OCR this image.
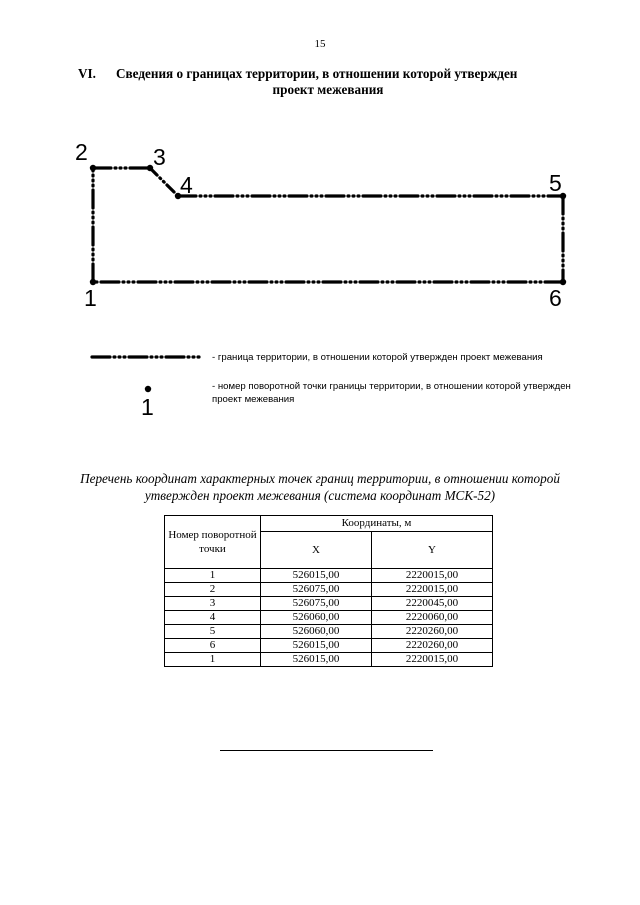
15
VI. Сведения о границах территории, в отношении которой утвержден
проект межевания
1
2	3
4	5
6
1
- граница территории, в отношении которой утвержден проект межевания
- номер поворотной точки границы территории, в отношении которой утвержден проект межевания
Перечень координат характерных точек границ территории, в отношении которой утвержден проект межевания (система координат МСК-52)
Номер поворотной точки	Координаты, м	
	X	Y
1	526015,00	2220015,00
2	526075,00	2220015,00
3	526075,00	2220045,00
4	526060,00	2220060,00
5	526060,00	2220260,00
6	526015,00	2220260,00
1	526015,00	2220015,00
